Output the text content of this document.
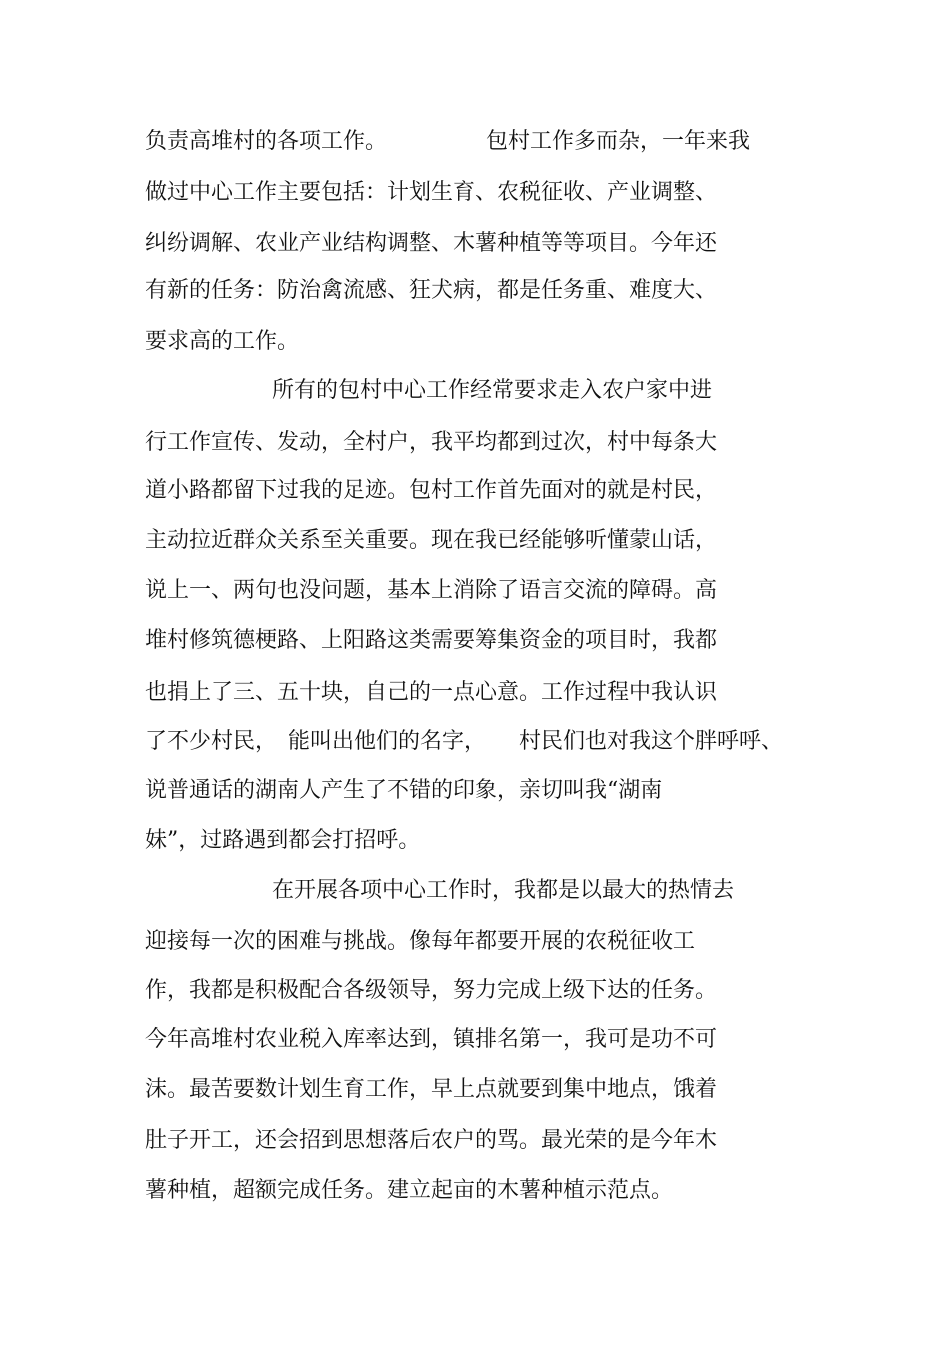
负责高堆村的各项工作。　　　　　包村工作多而杂，一年来我
做过中心工作主要包括：计划生育、农税征收、产业调整、
纠纷调解、农业产业结构调整、木薯种植等等项目。今年还
有新的任务：防治禽流感、狂犬病，都是任务重、难度大、
要求高的工作。
所有的包村中心工作经常要求走入农户家中进
行工作宣传、发动，全村户，我平均都到过次，村中每条大
道小路都留下过我的足迹。包村工作首先面对的就是村民，
主动拉近群众关系至关重要。现在我已经能够听懂蒙山话，
说上一、两句也没问题，基本上消除了语言交流的障碍。高
堆村修筑德梗路、上阳路这类需要筹集资金的项目时，我都
也捐上了三、五十块，自己的一点心意。工作过程中我认识
了不少村民，　能叫出他们的名字，　　村民们也对我这个胖呼呼、
说普通话的湖南人产生了不错的印象，亲切叫我“湖南
妹”，过路遇到都会打招呼。
在开展各项中心工作时，我都是以最大的热情去
迎接每一次的困难与挑战。像每年都要开展的农税征收工
作，我都是积极配合各级领导，努力完成上级下达的任务。
今年高堆村农业税入库率达到，镇排名第一，我可是功不可
沫。最苦要数计划生育工作，早上点就要到集中地点，饿着
肚子开工，还会招到思想落后农户的骂。最光荣的是今年木
薯种植，超额完成任务。建立起亩的木薯种植示范点。
